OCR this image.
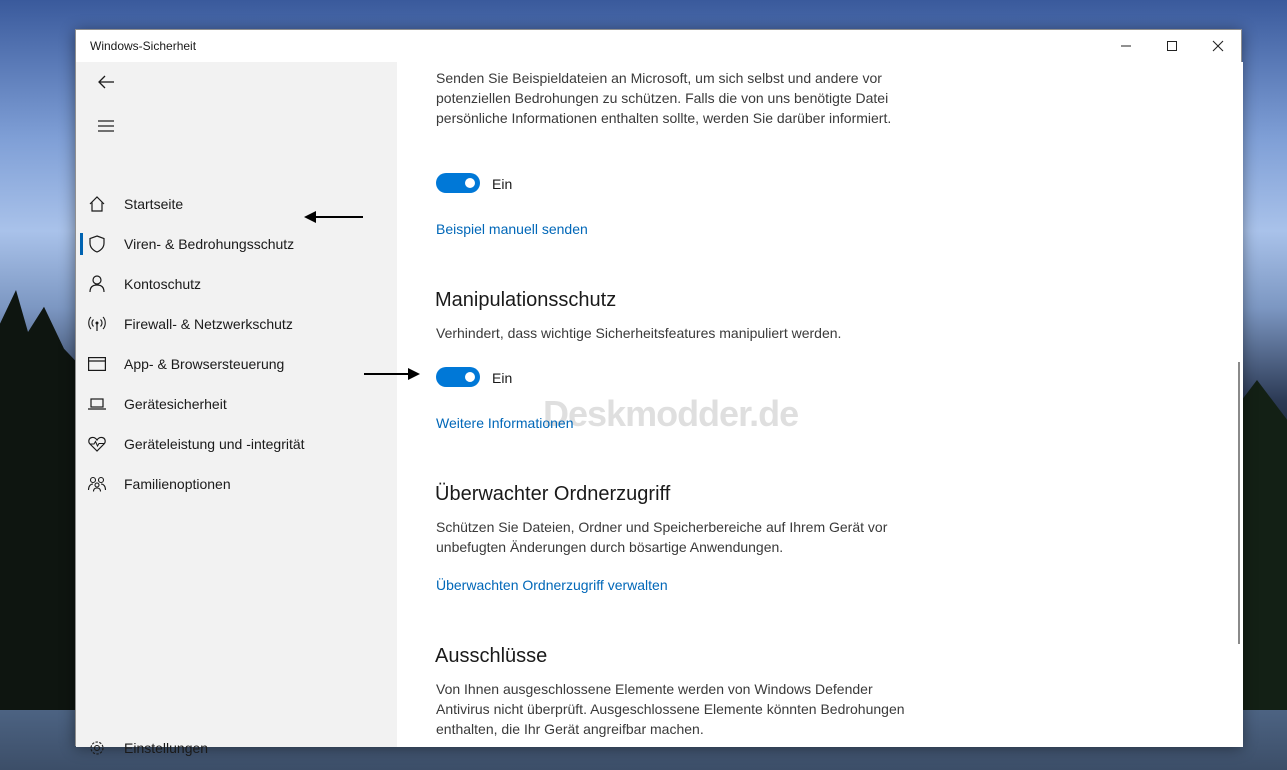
Windows-Sicherheit
Startseite
Viren- & Bedrohungsschutz
Kontoschutz
Firewall- & Netzwerkschutz
App- & Browsersteuerung
Gerätesicherheit
Geräteleistung und -integrität
Familienoptionen
Einstellungen

Senden Sie Beispieldateien an Microsoft, um sich selbst und andere vor potenziellen Bedrohungen zu schützen. Falls die von uns benötigte Datei persönliche Informationen enthalten sollte, werden Sie darüber informiert.

Ein
Beispiel manuell senden
Manipulationsschutz

Verhindert, dass wichtige Sicherheitsfeatures manipuliert werden.

Ein
Deskmodder.de
Weitere Informationen
Überwachter Ordnerzugriff

Schützen Sie Dateien, Ordner und Speicherbereiche auf Ihrem Gerät vor unbefugten Änderungen durch bösartige Anwendungen.

Überwachten Ordnerzugriff verwalten
Ausschlüsse

Von Ihnen ausgeschlossene Elemente werden von Windows Defender Antivirus nicht überprüft. Ausgeschlossene Elemente könnten Bedrohungen enthalten, die Ihr Gerät angreifbar machen.
